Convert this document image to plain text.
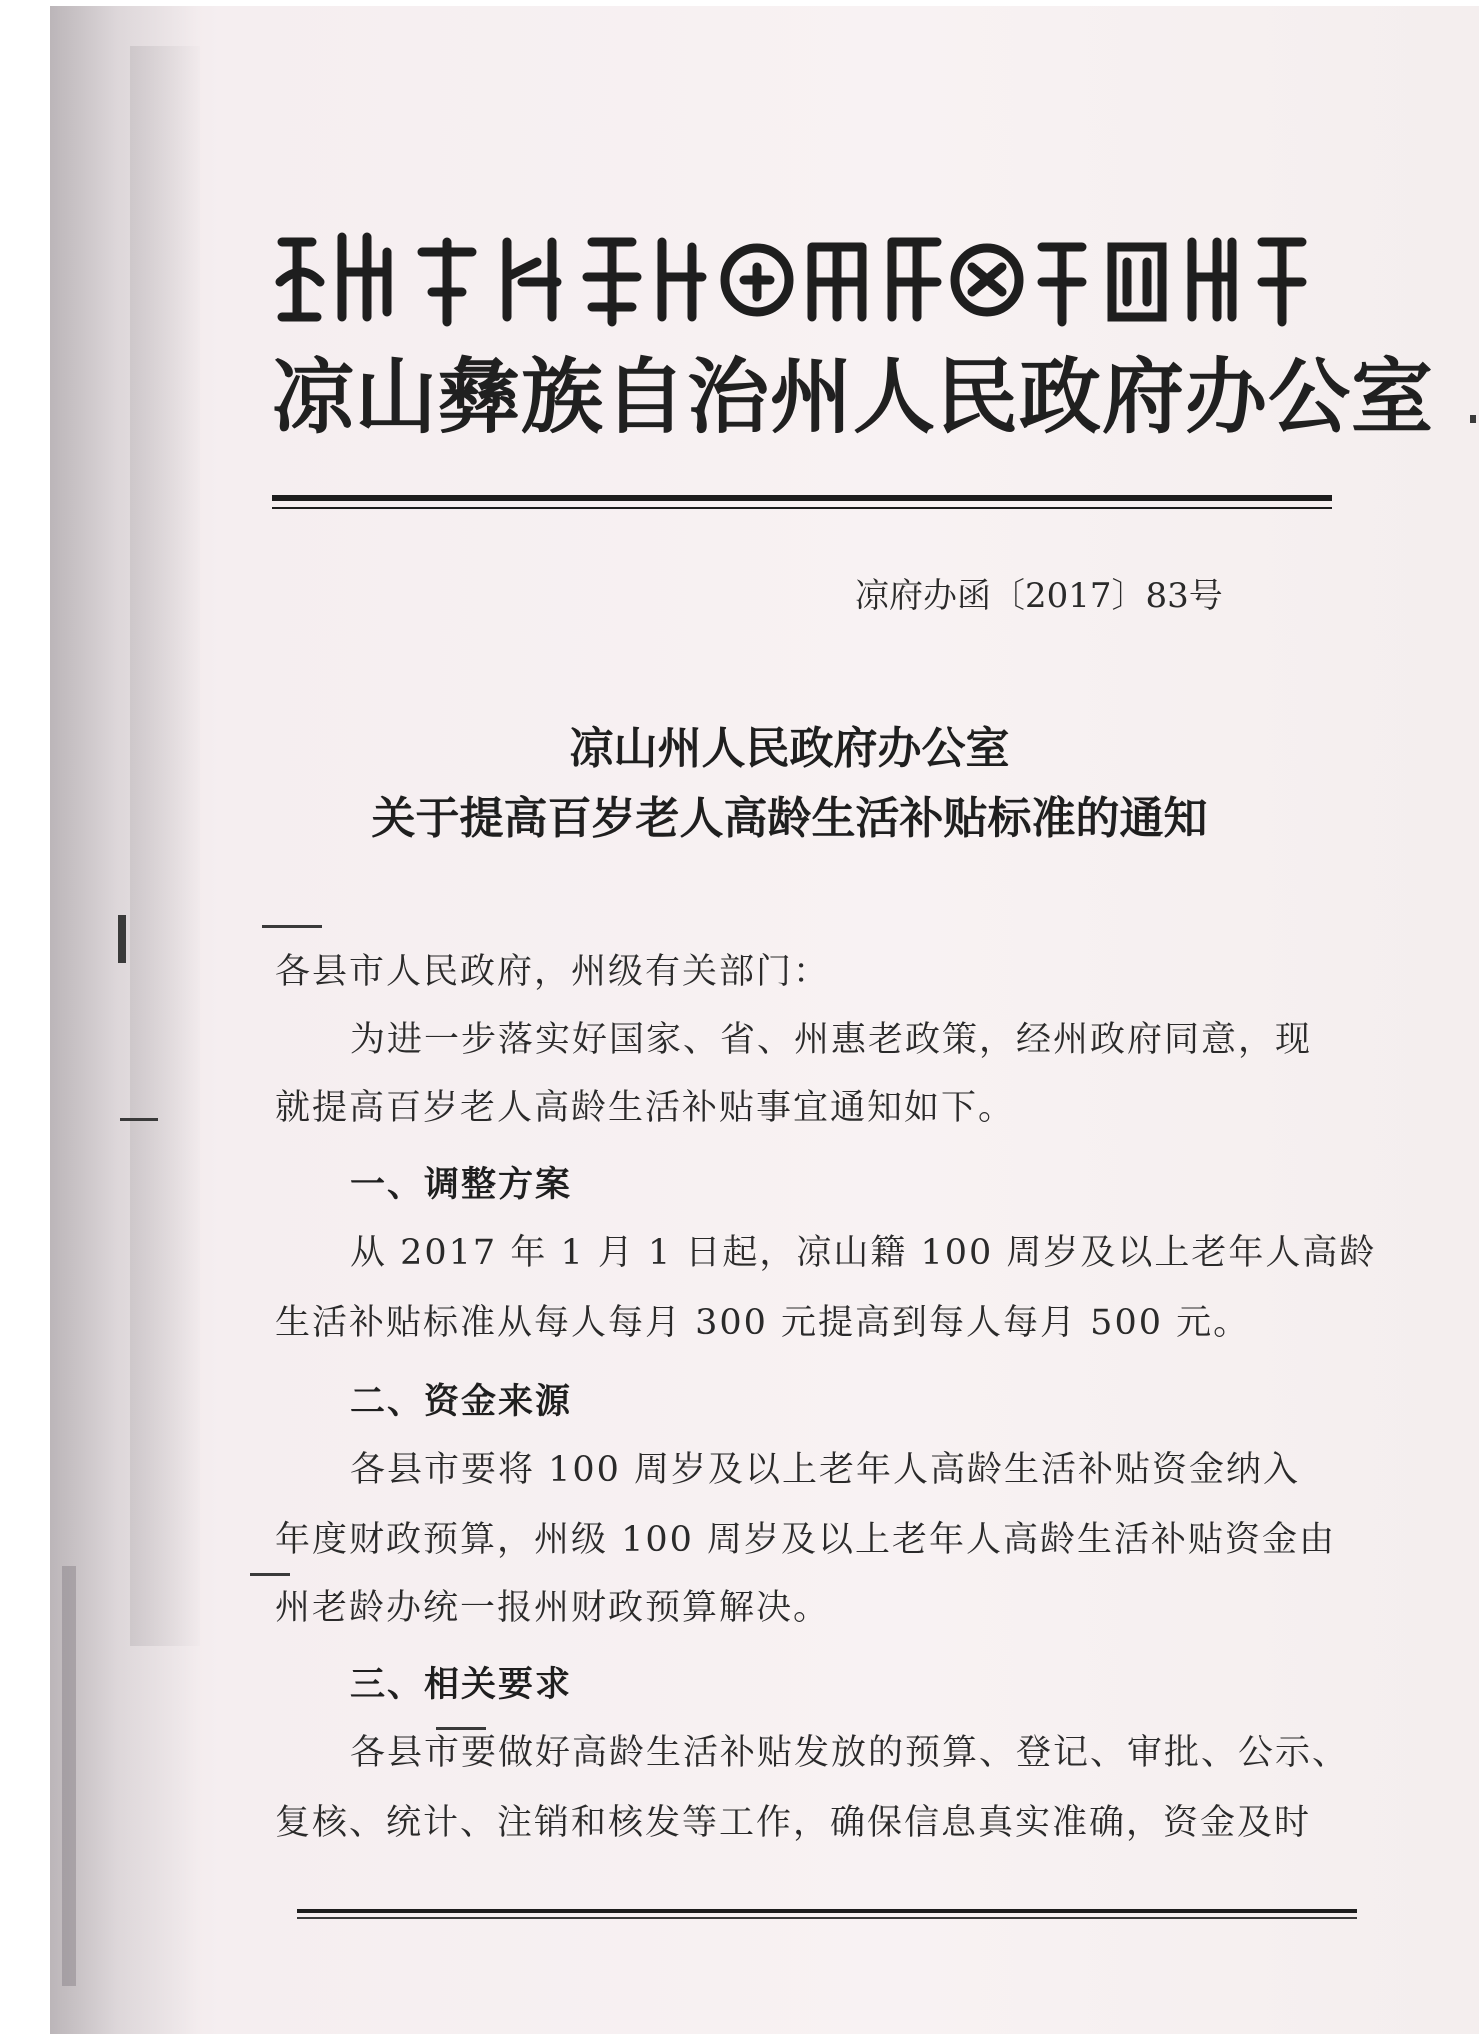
凉山彝族自治州人民政府办公室
凉府办函〔2017〕83号
凉山州人民政府办公室
关于提高百岁老人高龄生活补贴标准的通知
各县市人民政府，州级有关部门：
为进一步落实好国家、省、州惠老政策，经州政府同意，现
就提高百岁老人高龄生活补贴事宜通知如下。
一、调整方案
从 2017 年 1 月 1 日起，凉山籍 100 周岁及以上老年人高龄
生活补贴标准从每人每月 300 元提高到每人每月 500 元。
二、资金来源
各县市要将 100 周岁及以上老年人高龄生活补贴资金纳入
年度财政预算，州级 100 周岁及以上老年人高龄生活补贴资金由
州老龄办统一报州财政预算解决。
三、相关要求
各县市要做好高龄生活补贴发放的预算、登记、审批、公示、
复核、统计、注销和核发等工作，确保信息真实准确，资金及时
